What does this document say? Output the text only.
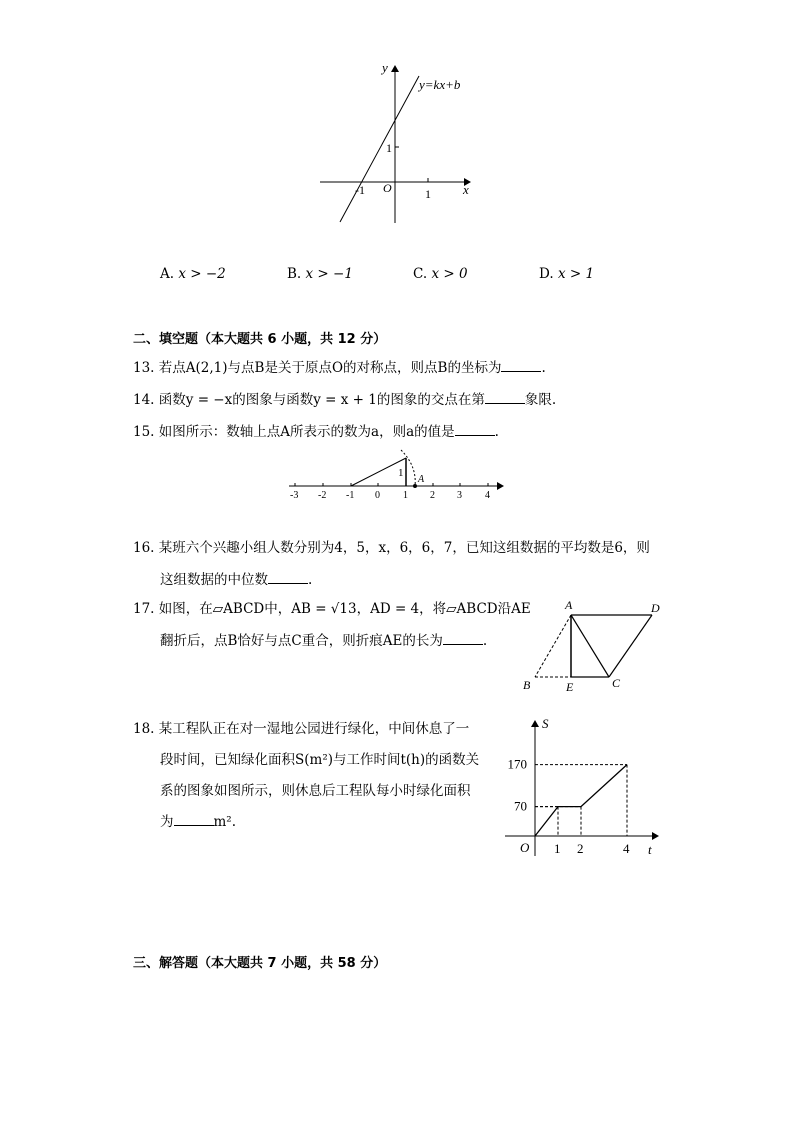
y
x
O
-1	1
1
y=kx+b
A. x > −2	B. x > −1	C. x > 0	D. x > 1
二、填空题（本大题共 6 小题，共 12 分）
13. 若点A(2,1)与点B是关于原点O的对称点，则点B的坐标为	.
14. 函数y = −x的图象与函数y = x + 1的图象的交点在第	象限.
15. 如图所示：数轴上点A所表示的数为a，则a的值是	.
1
A
-3 -2 -1 0 1 2 3 4
16. 某班六个兴趣小组人数分别为4，5，x，6，6，7，已知这组数据的平均数是6，则
这组数据的中位数	.
17. 如图，在▱ABCD中，AB = √13，AD = 4，将▱ABCD沿AE
翻折后，点B恰好与点C重合，则折痕AE的长为	.
A	D
B	E	C
18. 某工程队正在对一湿地公园进行绿化，中间休息了一
段时间，已知绿化面积S(m²)与工作时间t(h)的函数关
系的图象如图所示，则休息后工程队每小时绿化面积
为	m².
1 2	4
70
170
S
t
O
三、解答题（本大题共 7 小题，共 58 分）
